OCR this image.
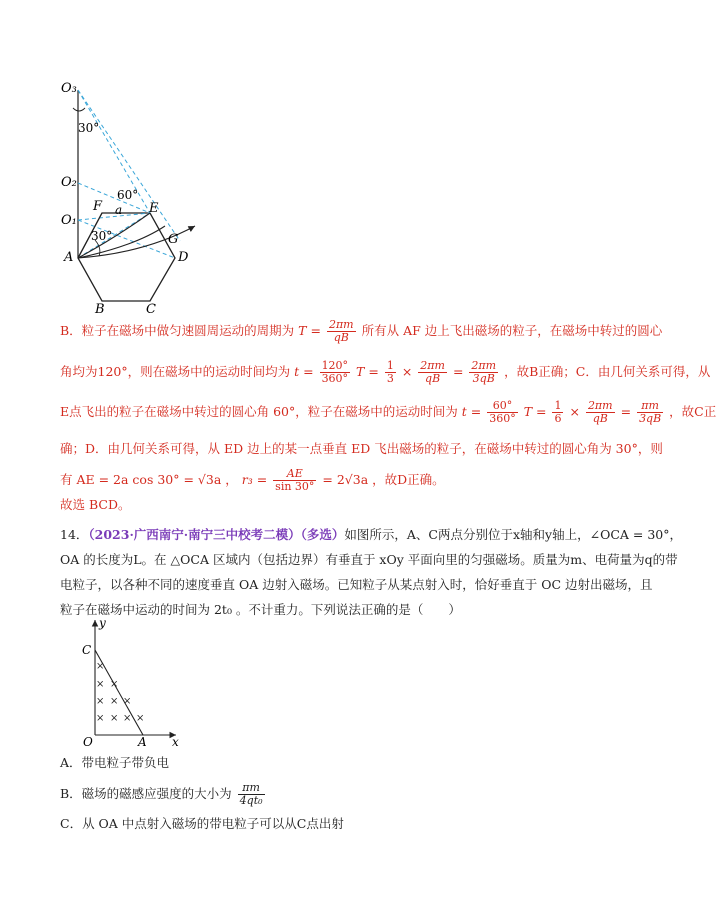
O₃
30°
O₂
60°
F a E
O₁
30°	G
A	D
B	C
B．粒子在磁场中做匀速圆周运动的周期为 $T = \frac{2\pi m}{qB}$ 所有从 AF 边上飞出磁场的粒子，在磁场中转过的圆心
角均为120°，则在磁场中的运动时间均为 $t = \frac{120^\circ}{360^\circ}$ $T = \frac{1}{3} \times \frac{2\pi m}{qB} = \frac{2\pi m}{3qB}$ ，故B正确；C．由几何关系可得，从
E点飞出的粒子在磁场中转过的圆心角 60°，粒子在磁场中的运动时间为 $t = \frac{60^\circ}{360^\circ}$ $T = \frac{1}{6} \times \frac{2\pi m}{qB} = \frac{\pi m}{3qB}$ ，故C正
确；D．由几何关系可得，从 ED 边上的某一点垂直 ED 飞出磁场的粒子，在磁场中转过的圆心角为 30°，则
有 AE = 2a cos 30° = √3a ， $r_3 = \frac{AE}{\sin 30^\circ} = 2√3a$ ，故D正确。
故选 BCD。
14．（2023·广西南宁·南宁三中校考二模）（多选）如图所示，A、C两点分别位于x轴和y轴上，∠OCA = 30°，
OA 的长度为L。在 △OCA 区域内（包括边界）有垂直于 xOy 平面向里的匀强磁场。质量为m、电荷量为q的带
电粒子，以各种不同的速度垂直 OA 边射入磁场。已知粒子从某点射入时，恰好垂直于 OC 边射出磁场，且
粒子在磁场中运动的时间为 2t₀ 。不计重力。下列说法正确的是（　　）
×
× ×
× × ×
× × × ×
y
C
O	A x
A．带电粒子带负电
B．磁场的磁感应强度的大小为 $\frac{\pi m}{\text{4qt₀}}$
C．从 OA 中点射入磁场的带电粒子可以从C点出射
